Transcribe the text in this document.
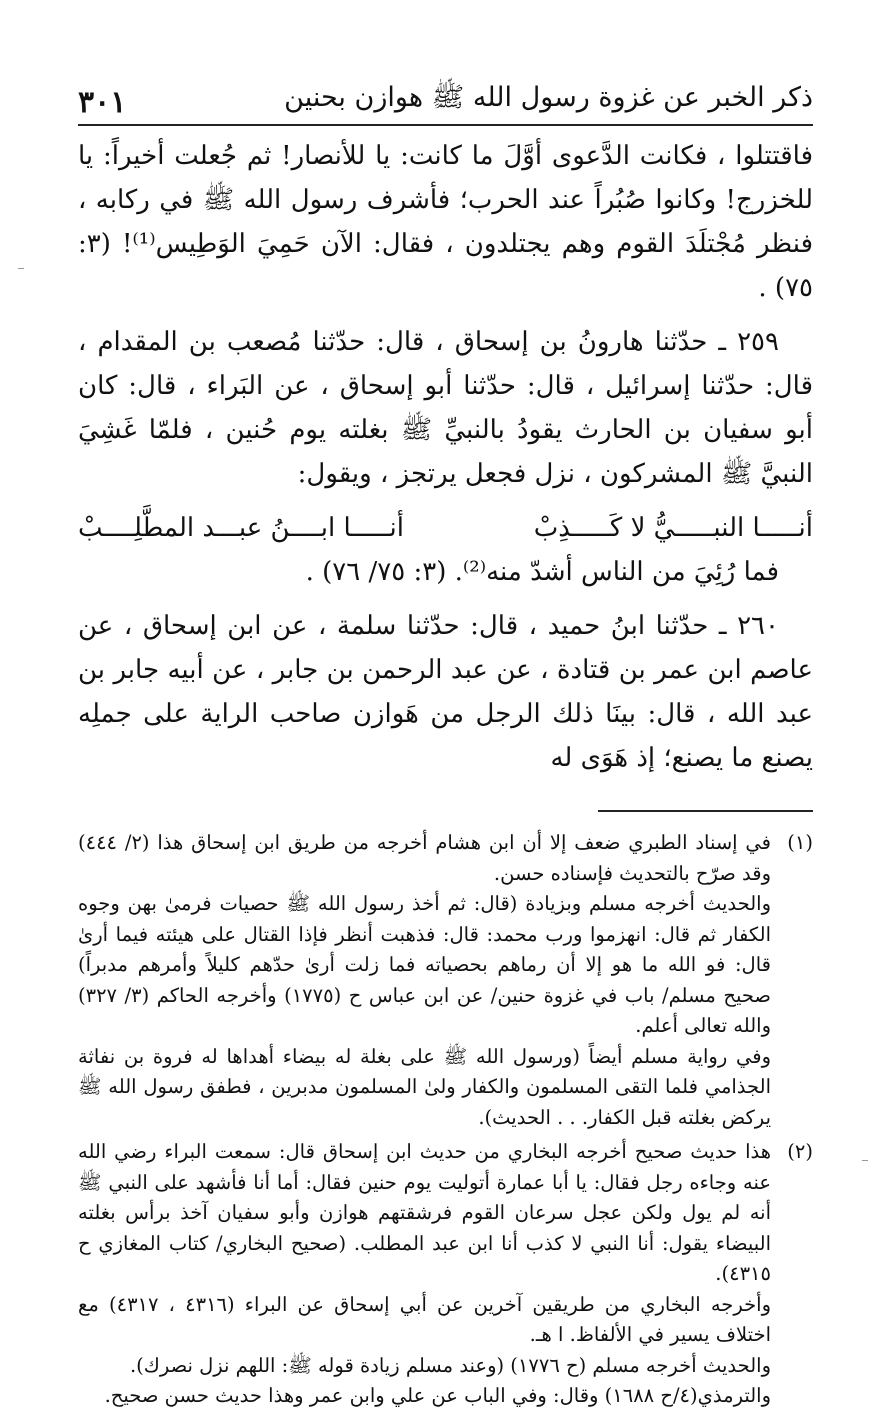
ذكر الخبر عن غزوة رسول الله ﷺ هوازن بحنين
٣٠١

فاقتتلوا ، فكانت الدَّعوى أوَّلَ ما كانت: يا للأنصار! ثم جُعلت أخيراً: يا للخزرج! وكانوا صُبُراً عند الحرب؛ فأشرف رسول الله ﷺ في ركابه ، فنظر مُجْتلَدَ القوم وهم يجتلدون ، فقال: الآن حَمِيَ الوَطِيس⁽¹⁾! (٣: ٧٥) .

٢٥٩ ـ حدّثنا هارونُ بن إسحاق ، قال: حدّثنا مُصعب بن المقدام ، قال: حدّثنا إسرائيل ، قال: حدّثنا أبو إسحاق ، عن البَراء ، قال: كان أبو سفيان بن الحارث يقودُ بالنبيِّ ﷺ بغلته يوم حُنين ، فلمّا غَشِيَ النبيَّ ﷺ المشركون ، نزل فجعل يرتجز ، ويقول:

أنـــــا النبـــــيُّ لا كَـــــذِبْ
أنـــــا ابــــنُ عبـــد المطَّلِــــبْ

فما رُئِيَ من الناس أشدّ منه⁽²⁾. (٣: ٧٥/ ٧٦) .

٢٦٠ ـ حدّثنا ابنُ حميد ، قال: حدّثنا سلمة ، عن ابن إسحاق ، عن عاصم ابن عمر بن قتادة ، عن عبد الرحمن بن جابر ، عن أبيه جابر بن عبد الله ، قال: بينَا ذلك الرجل من هَوازن صاحب الراية على جملِه يصنع ما يصنع؛ إذ هَوَى له

(١)

في إسناد الطبري ضعف إلا أن ابن هشام أخرجه من طريق ابن إسحاق هذا (٢/ ٤٤٤) وقد صرّح بالتحديث فإسناده حسن.

والحديث أخرجه مسلم وبزيادة (قال: ثم أخذ رسول الله ﷺ حصيات فرمىٰ بهن وجوه الكفار ثم قال: انهزموا ورب محمد: قال: فذهبت أنظر فإذا القتال على هيئته فيما أرىٰ قال: فو الله ما هو إلا أن رماهم بحصياته فما زلت أرىٰ حدّهم كليلاً وأمرهم مدبراً) صحيح مسلم/ باب في غزوة حنين/ عن ابن عباس ح (١٧٧٥) وأخرجه الحاكم (٣/ ٣٢٧) والله تعالى أعلم.

وفي رواية مسلم أيضاً (ورسول الله ﷺ على بغلة له بيضاء أهداها له فروة بن نفاثة الجذامي فلما التقى المسلمون والكفار ولىٰ المسلمون مدبرين ، فطفق رسول الله ﷺ يركض بغلته قبل الكفار. . . الحديث).

(٢)

هذا حديث صحيح أخرجه البخاري من حديث ابن إسحاق قال: سمعت البراء رضي الله عنه وجاءه رجل فقال: يا أبا عمارة أتوليت يوم حنين فقال: أما أنا فأشهد على النبي ﷺ أنه لم يول ولكن عجل سرعان القوم فرشقتهم هوازن وأبو سفيان آخذ برأس بغلته البيضاء يقول: أنا النبي لا كذب أنا ابن عبد المطلب. (صحيح البخاري/ كتاب المغازي ح ٤٣١٥).

وأخرجه البخاري من طريقين آخرين عن أبي إسحاق عن البراء (٤٣١٦ ، ٤٣١٧) مع اختلاف يسير في الألفاظ. ا هـ.

والحديث أخرجه مسلم (ح ١٧٧٦) (وعند مسلم زيادة قوله ﷺ: اللهم نزل نصرك).

والترمذي(٤/ح ١٦٨٨) وقال: وفي الباب عن علي وابن عمر وهذا حديث حسن صحيح.
